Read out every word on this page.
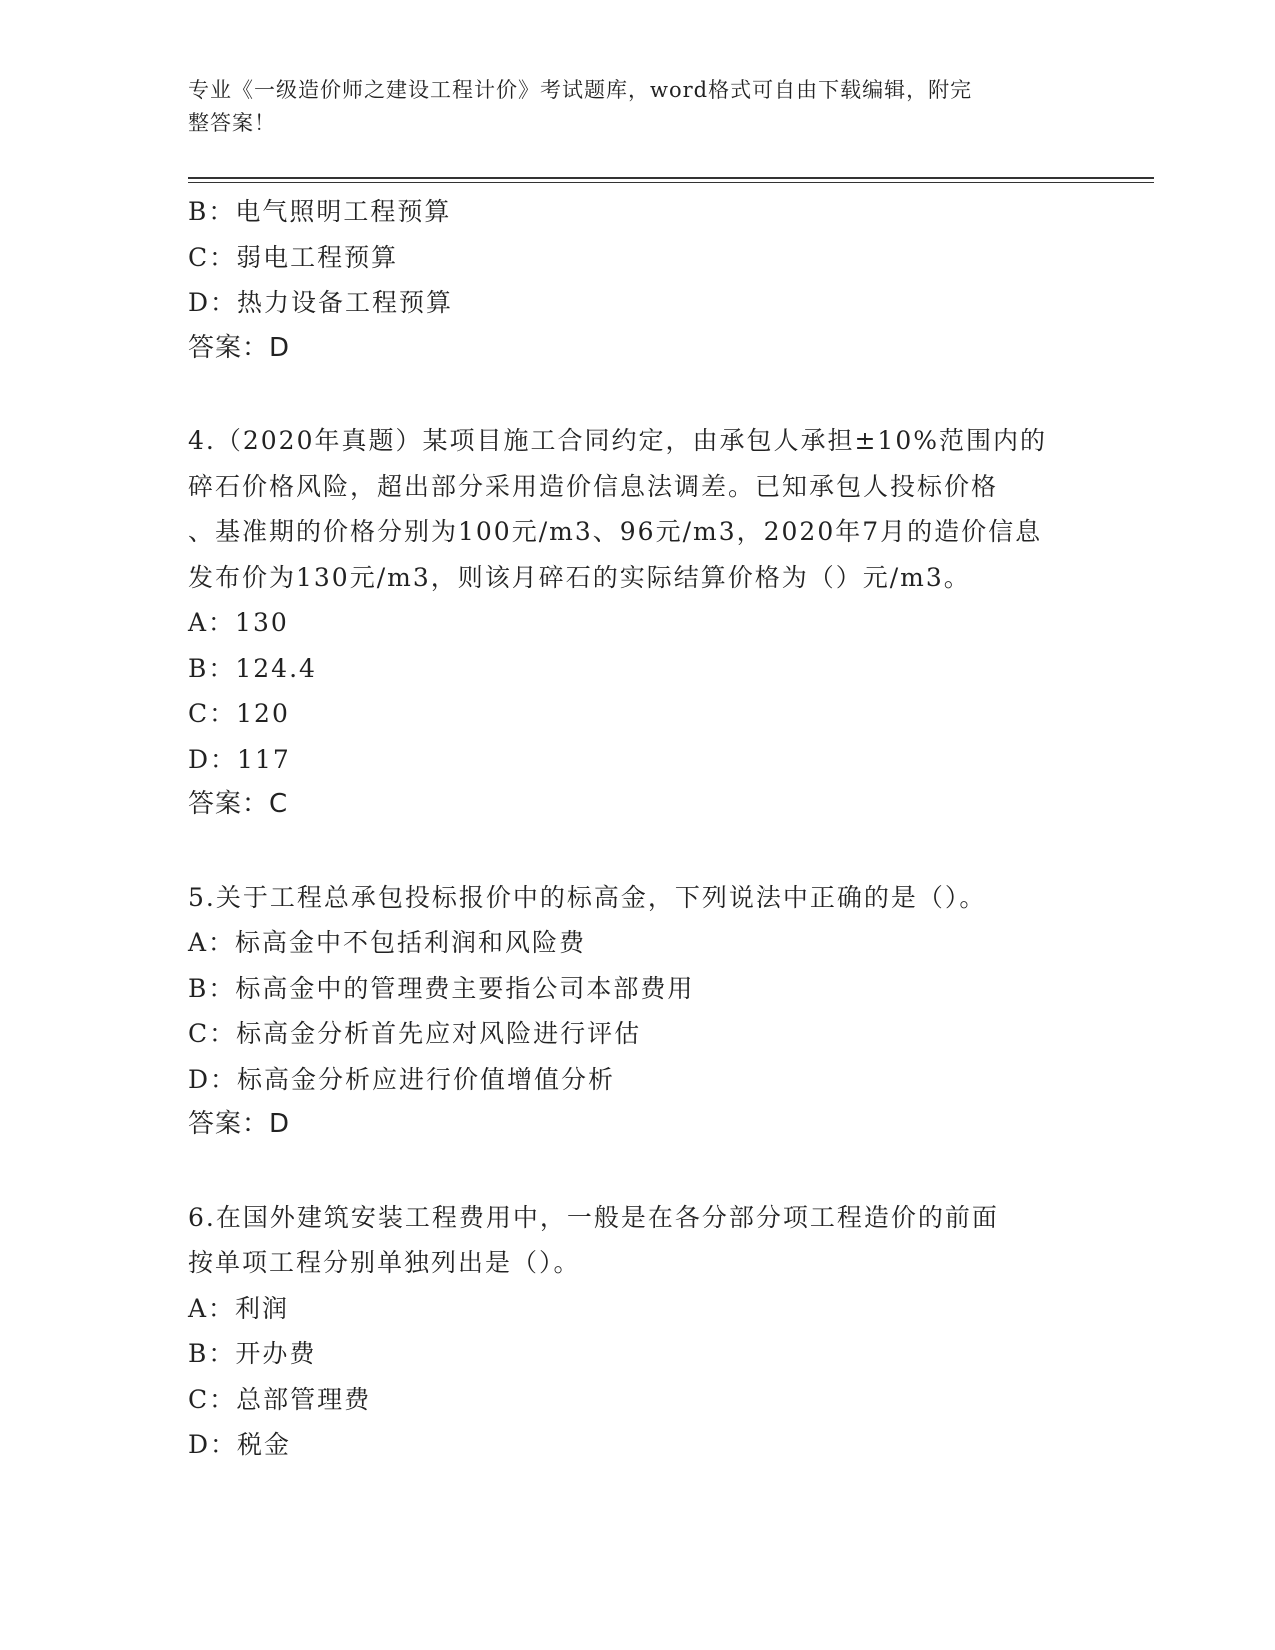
专业《一级造价师之建设工程计价》考试题库，word格式可自由下载编辑，附完
整答案！

B：电气照明工程预算

C：弱电工程预算

D：热力设备工程预算

答案：D

4.（2020年真题）某项目施工合同约定，由承包人承担±10%范围内的

碎石价格风险，超出部分采用造价信息法调差。已知承包人投标价格

、基准期的价格分别为100元/m3、96元/m3，2020年7月的造价信息

发布价为130元/m3，则该月碎石的实际结算价格为（）元/m3。

A：130

B：124.4

C：120

D：117

答案：C

5.关于工程总承包投标报价中的标高金，下列说法中正确的是（）。

A：标高金中不包括利润和风险费

B：标高金中的管理费主要指公司本部费用

C：标高金分析首先应对风险进行评估

D：标高金分析应进行价值增值分析

答案：D

6.在国外建筑安装工程费用中，一般是在各分部分项工程造价的前面

按单项工程分别单独列出是（）。

A：利润

B：开办费

C：总部管理费

D：税金
